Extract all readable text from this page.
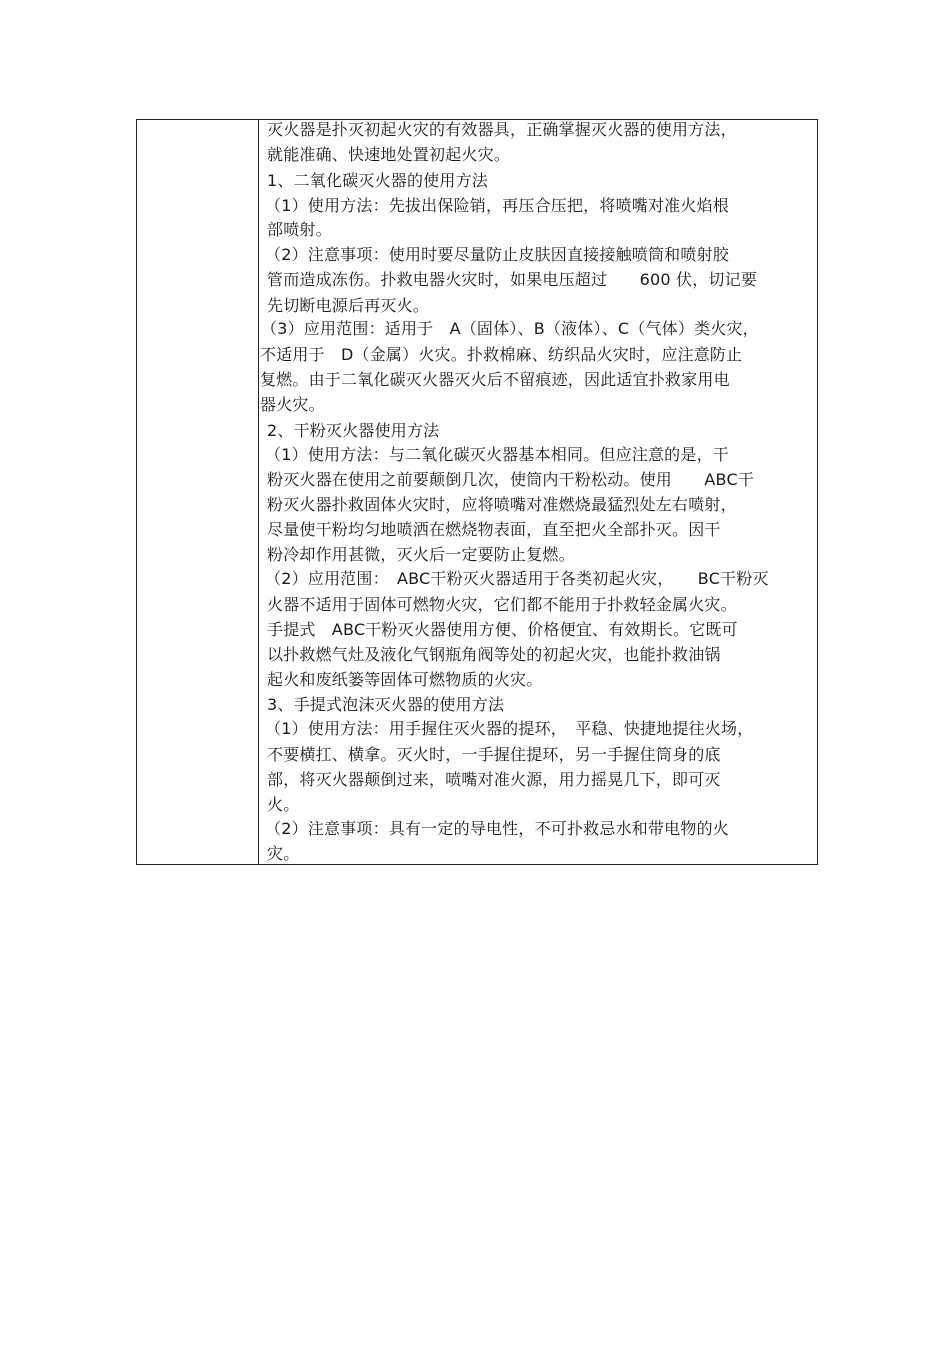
灭火器是扑灭初起火灾的有效器具，正确掌握灭火器的使用方法，
就能准确、快速地处置初起火灾。
1、二氧化碳灭火器的使用方法
（1）使用方法：先拔出保险销，再压合压把，将喷嘴对准火焰根
部喷射。
（2）注意事项：使用时要尽量防止皮肤因直接接触喷筒和喷射胶
管而造成冻伤。扑救电器火灾时，如果电压超过　　600 伏，切记要
先切断电源后再灭火。
（3）应用范围：适用于　A（固体）、B（液体）、C（气体）类火灾，
不适用于　D（金属）火灾。扑救棉麻、纺织品火灾时，应注意防止
复燃。由于二氧化碳灭火器灭火后不留痕迹，因此适宜扑救家用电
器火灾。
2、干粉灭火器使用方法
（1）使用方法：与二氧化碳灭火器基本相同。但应注意的是，干
粉灭火器在使用之前要颠倒几次，使筒内干粉松动。使用　　ABC干
粉灭火器扑救固体火灾时，应将喷嘴对准燃烧最猛烈处左右喷射，
尽量使干粉均匀地喷洒在燃烧物表面，直至把火全部扑灭。因干
粉冷却作用甚微，灭火后一定要防止复燃。
（2）应用范围：　ABC干粉灭火器适用于各类初起火灾，　　BC干粉灭
火器不适用于固体可燃物火灾，它们都不能用于扑救轻金属火灾。
手提式　ABC干粉灭火器使用方便、价格便宜、有效期长。它既可
以扑救燃气灶及液化气钢瓶角阀等处的初起火灾，也能扑救油锅
起火和废纸篓等固体可燃物质的火灾。
3、手提式泡沫灭火器的使用方法
（1）使用方法：用手握住灭火器的提环，　平稳、快捷地提往火场，
不要横扛、横拿。灭火时，一手握住提环，另一手握住筒身的底
部，将灭火器颠倒过来，喷嘴对准火源，用力摇晃几下，即可灭
火。
（2）注意事项：具有一定的导电性，不可扑救忌水和带电物的火
灾。
